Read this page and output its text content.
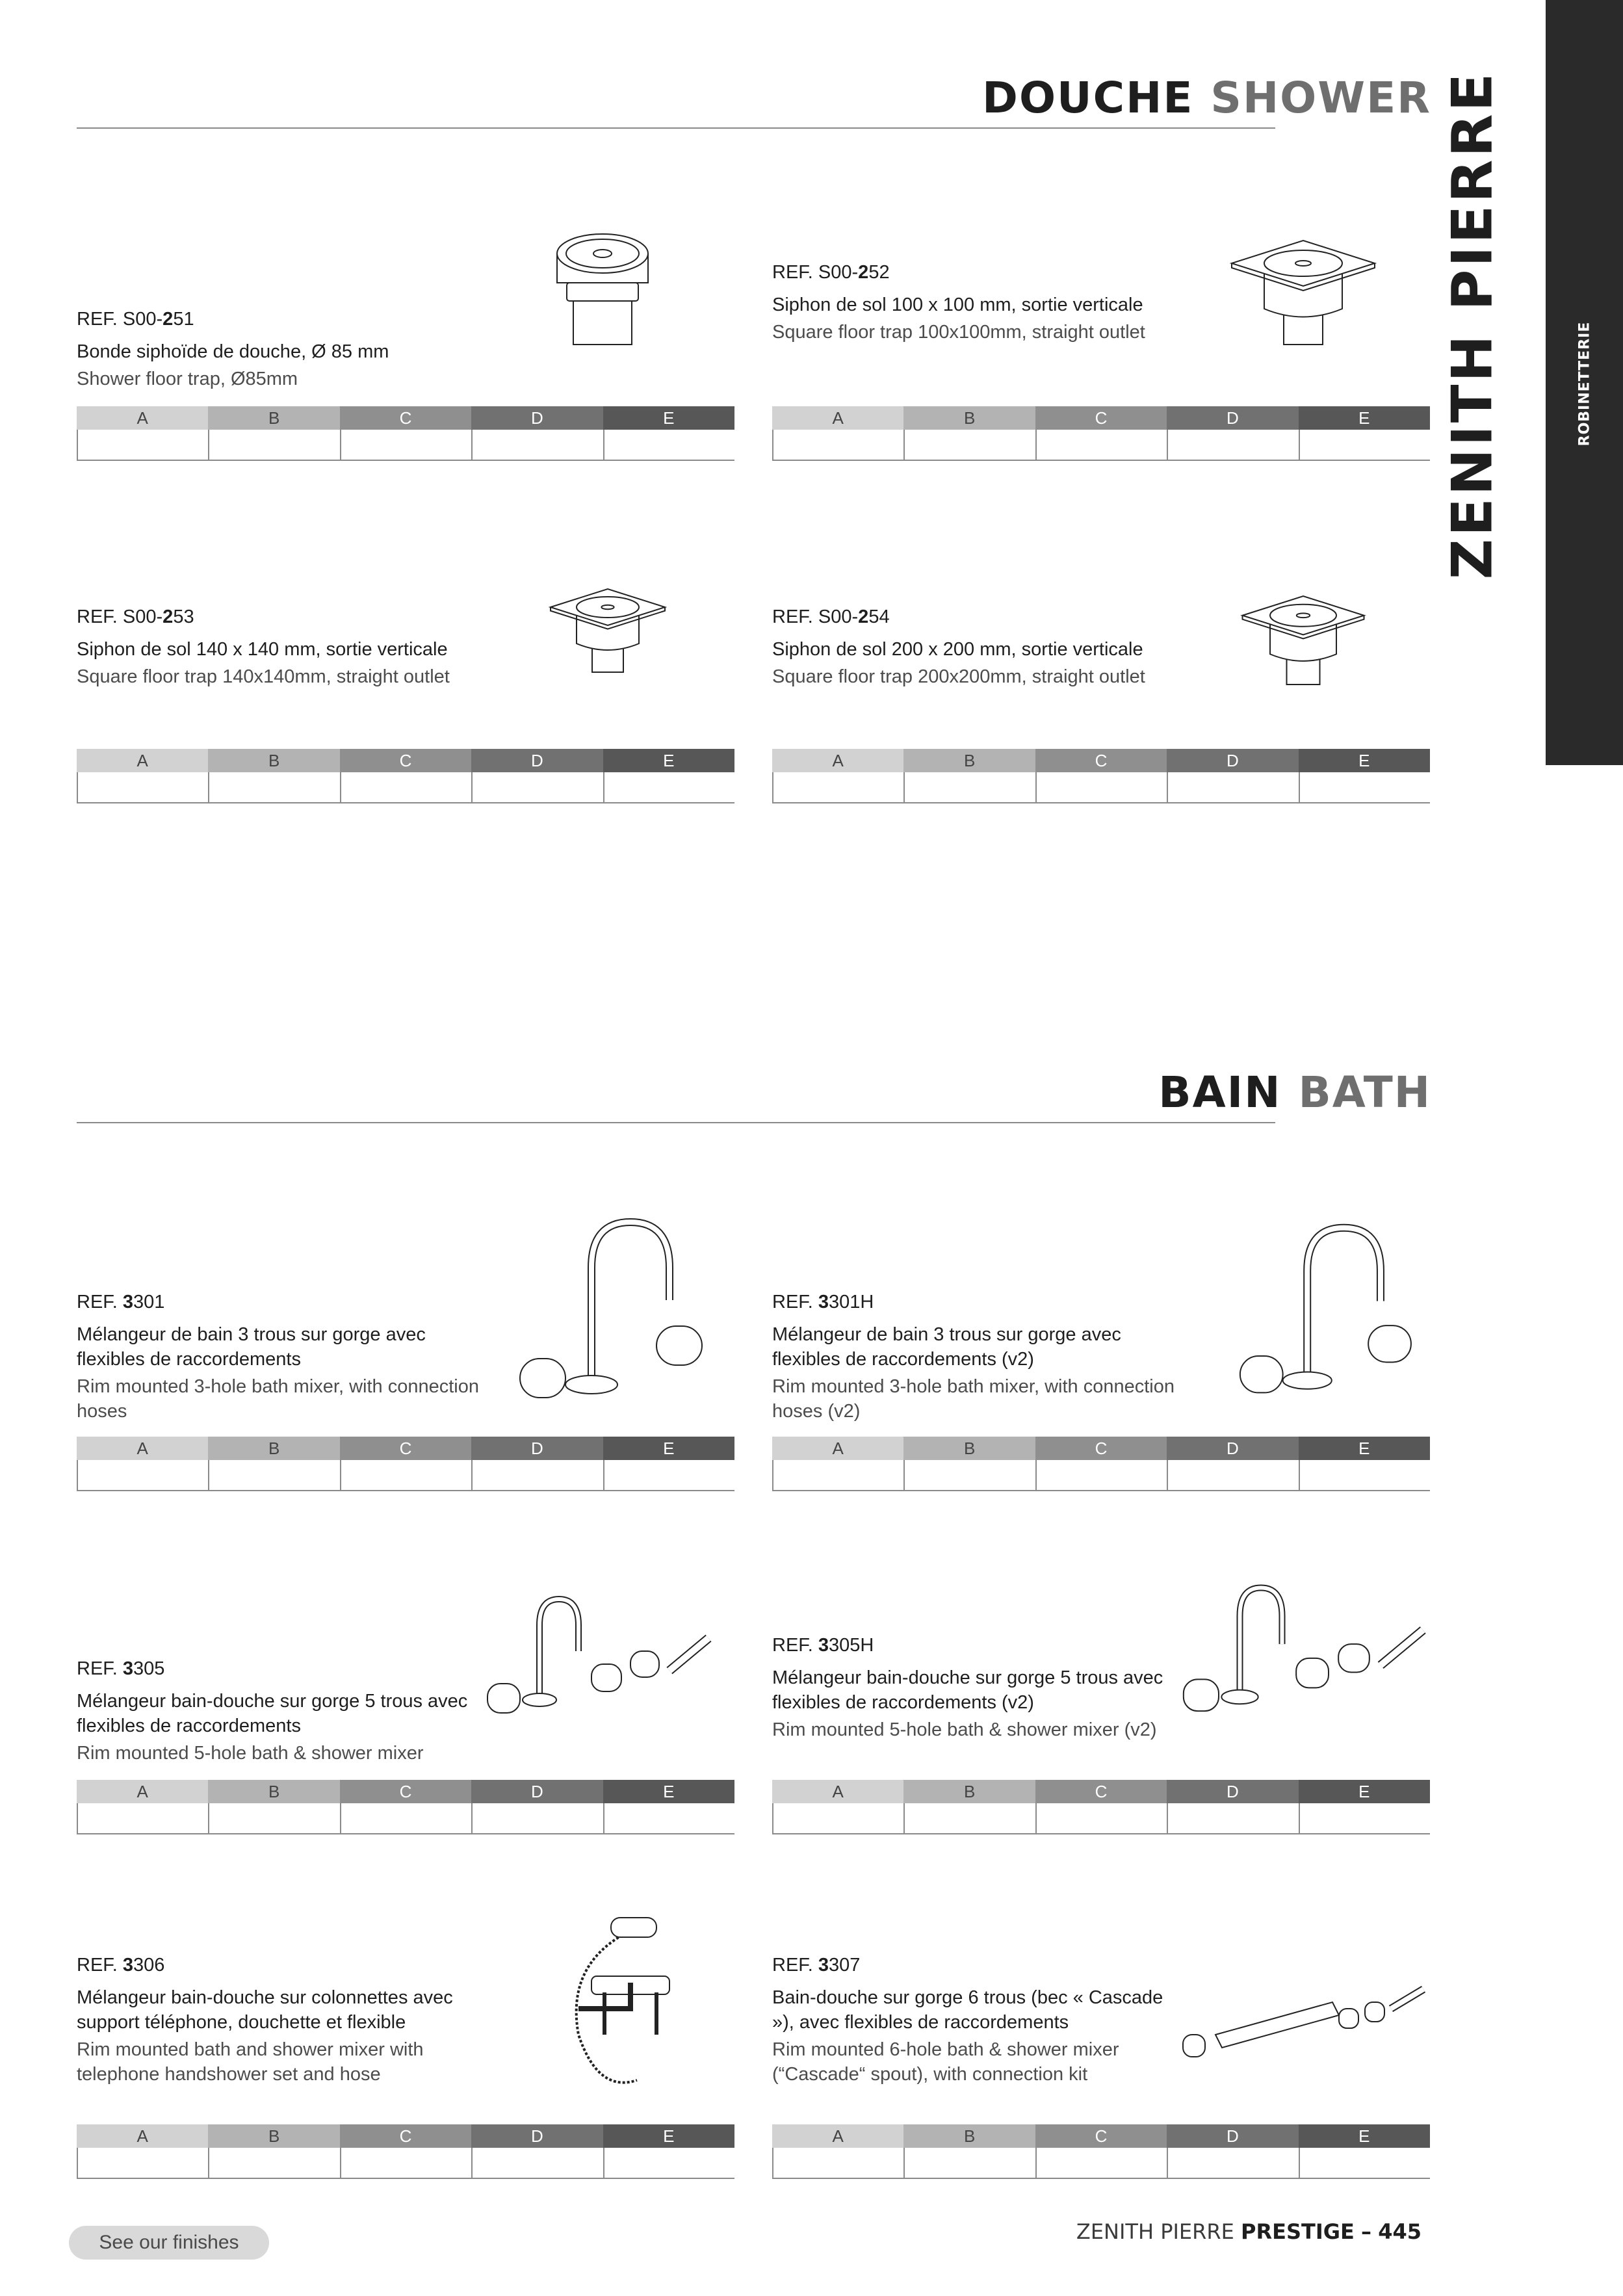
ROBINETTERIE
ZENITH PIERRE
DOUCHE SHOWER
BAIN BATH
REF. S00-251
Bonde siphoïde de douche, Ø 85 mm
Shower floor trap, Ø85mm
A	B	C	D	E
REF. S00-252
Siphon de sol 100 x 100 mm, sortie verticale
Square floor trap 100x100mm, straight outlet
A	B	C	D	E
REF. S00-253
Siphon de sol 140 x 140 mm, sortie verticale
Square floor trap 140x140mm, straight outlet
A	B	C	D	E
REF. S00-254
Siphon de sol 200 x 200 mm, sortie verticale
Square floor trap 200x200mm, straight outlet
A	B	C	D	E
REF. 3301
Mélangeur de bain 3 trous sur gorge avec flexibles de raccordements
Rim mounted 3-hole bath mixer, with connection hoses
A	B	C	D	E
REF. 3301H
Mélangeur de bain 3 trous sur gorge avec flexibles de raccordements (v2)
Rim mounted 3-hole bath mixer, with connection hoses (v2)
A	B	C	D	E
REF. 3305
Mélangeur bain-douche sur gorge 5 trous avec flexibles de raccordements
Rim mounted 5-hole bath & shower mixer
A	B	C	D	E
REF. 3305H
Mélangeur bain-douche sur gorge 5 trous avec flexibles de raccordements (v2)
Rim mounted 5-hole bath & shower mixer (v2)
A	B	C	D	E
REF. 3306
Mélangeur bain-douche sur colonnettes avec support téléphone, douchette et flexible
Rim mounted bath and shower mixer with telephone handshower set and hose
A	B	C	D	E
REF. 3307
Bain-douche sur gorge 6 trous (bec « Cascade »), avec flexibles de raccordements
Rim mounted 6-hole bath & shower mixer (“Cascade“ spout), with connection kit
A	B	C	D	E
See our finishes	ZENITH PIERRE PRESTIGE – 445
